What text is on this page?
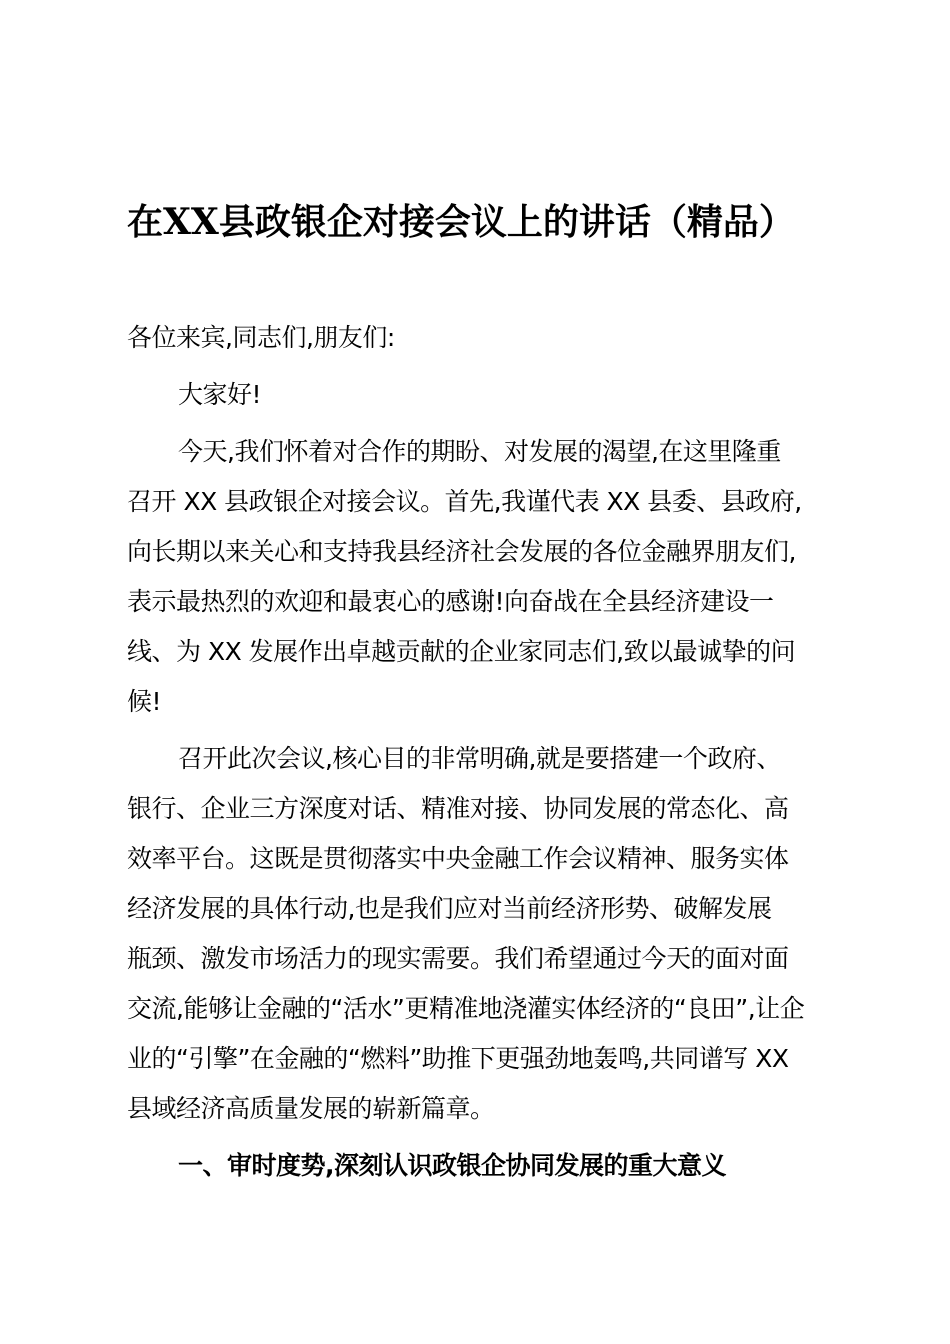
在XX县政银企对接会议上的讲话（精品）
各位来宾,同志们,朋友们:
大家好!
今天,我们怀着对合作的期盼、对发展的渴望,在这里隆重
召开 XX 县政银企对接会议。首先,我谨代表 XX 县委、县政府,
向长期以来关心和支持我县经济社会发展的各位金融界朋友们,
表示最热烈的欢迎和最衷心的感谢!向奋战在全县经济建设一
线、为 XX 发展作出卓越贡献的企业家同志们,致以最诚挚的问
候!
召开此次会议,核心目的非常明确,就是要搭建一个政府、
银行、企业三方深度对话、精准对接、协同发展的常态化、高
效率平台。这既是贯彻落实中央金融工作会议精神、服务实体
经济发展的具体行动,也是我们应对当前经济形势、破解发展
瓶颈、激发市场活力的现实需要。我们希望通过今天的面对面
交流,能够让金融的“活水”更精准地浇灌实体经济的“良田”,让企
业的“引擎”在金融的“燃料”助推下更强劲地轰鸣,共同谱写 XX
县域经济高质量发展的崭新篇章。
一、审时度势,深刻认识政银企协同发展的重大意义
